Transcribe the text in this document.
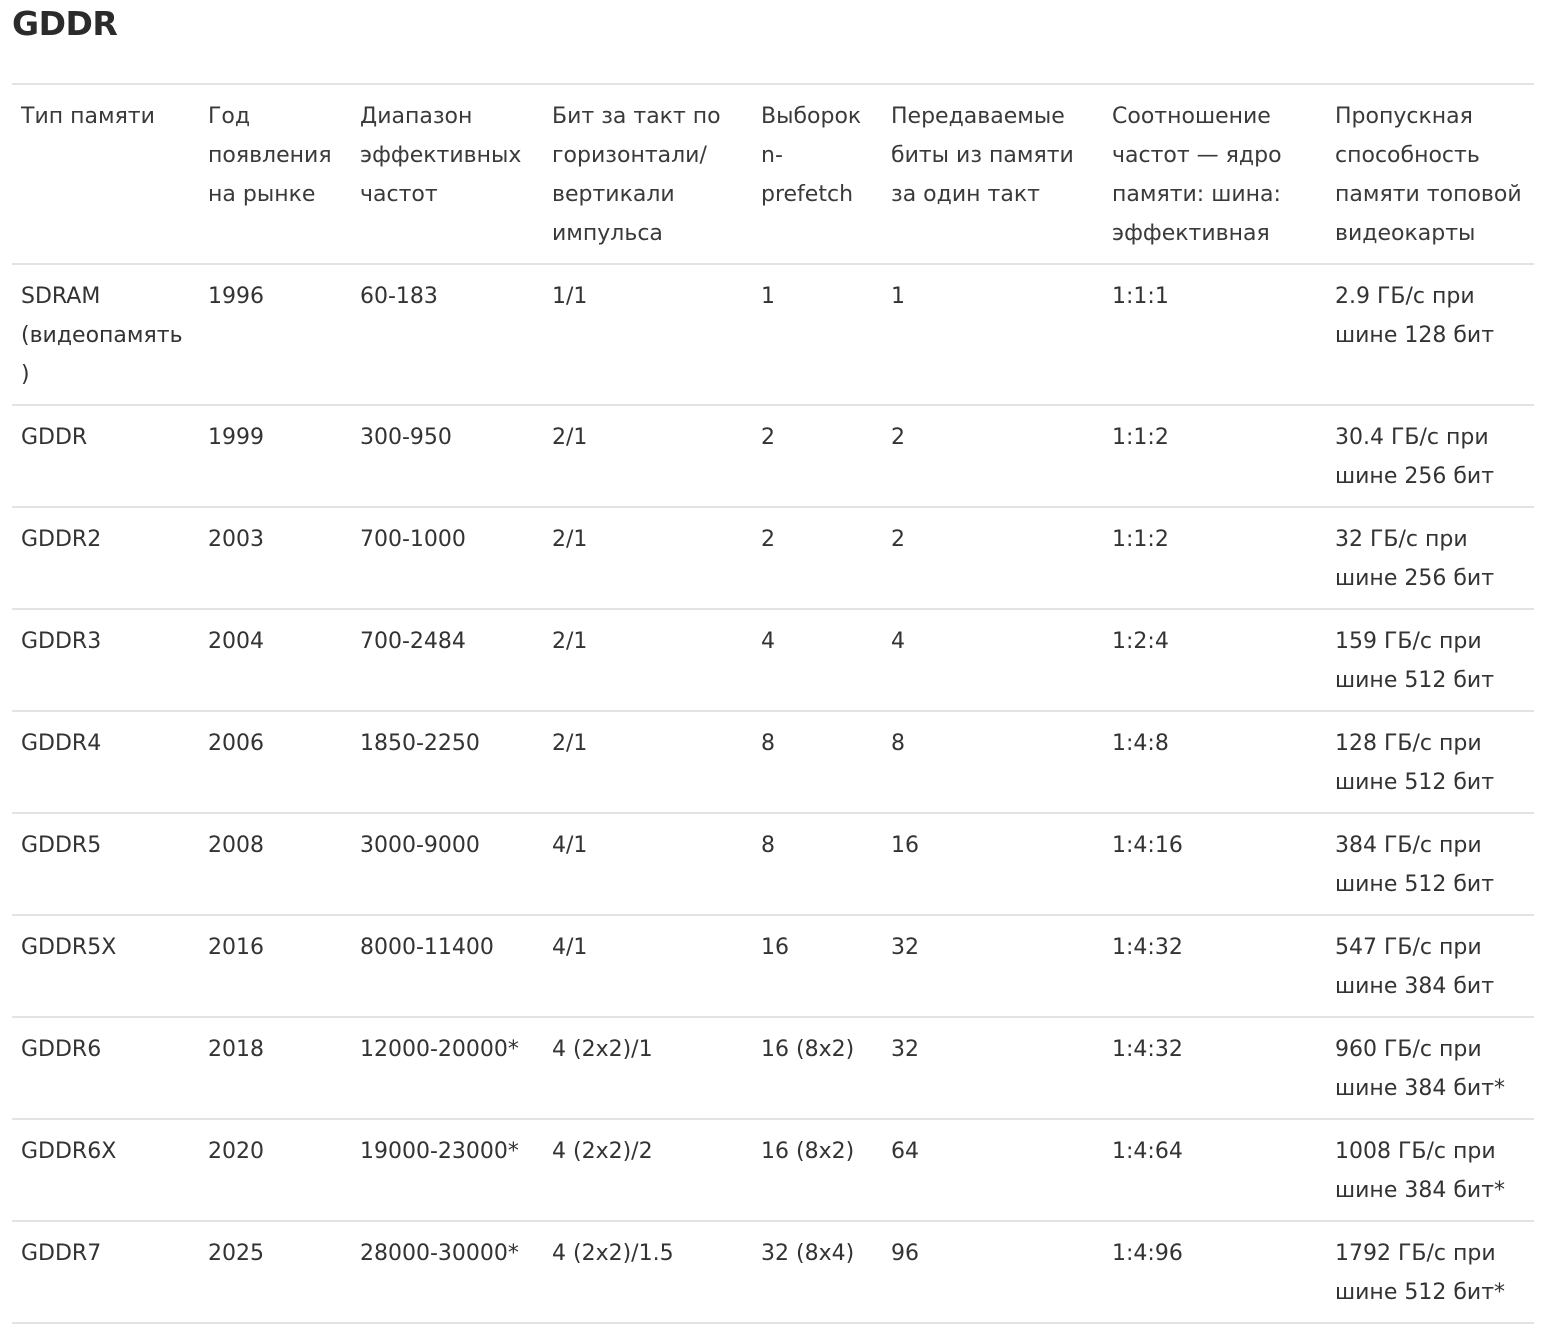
GDDR
Тип памяти	Год появления на рынке	Диапазон эффективных частот	Бит за такт по горизонтали/ вертикали импульса	Выборок n-prefetch	Передаваемые биты из памяти за один такт	Соотношение частот — ядро памяти: шина: эффективная	Пропускная способность памяти топовой видеокарты
SDRAM (видеопамять)	1996	60-183	1/1	1	1	1:1:1	2.9 ГБ/с при шине 128 бит
GDDR	1999	300-950	2/1	2	2	1:1:2	30.4 ГБ/с при шине 256 бит
GDDR2	2003	700-1000	2/1	2	2	1:1:2	32 ГБ/с при шине 256 бит
GDDR3	2004	700-2484	2/1	4	4	1:2:4	159 ГБ/с при шине 512 бит
GDDR4	2006	1850-2250	2/1	8	8	1:4:8	128 ГБ/с при шине 512 бит
GDDR5	2008	3000-9000	4/1	8	16	1:4:16	384 ГБ/с при шине 512 бит
GDDR5X	2016	8000-11400	4/1	16	32	1:4:32	547 ГБ/с при шине 384 бит
GDDR6	2018	12000-20000*	4 (2x2)/1	16 (8x2)	32	1:4:32	960 ГБ/с при шине 384 бит*
GDDR6X	2020	19000-23000*	4 (2x2)/2	16 (8x2)	64	1:4:64	1008 ГБ/с при шине 384 бит*
GDDR7	2025	28000-30000*	4 (2x2)/1.5	32 (8x4)	96	1:4:96	1792 ГБ/с при шине 512 бит*
